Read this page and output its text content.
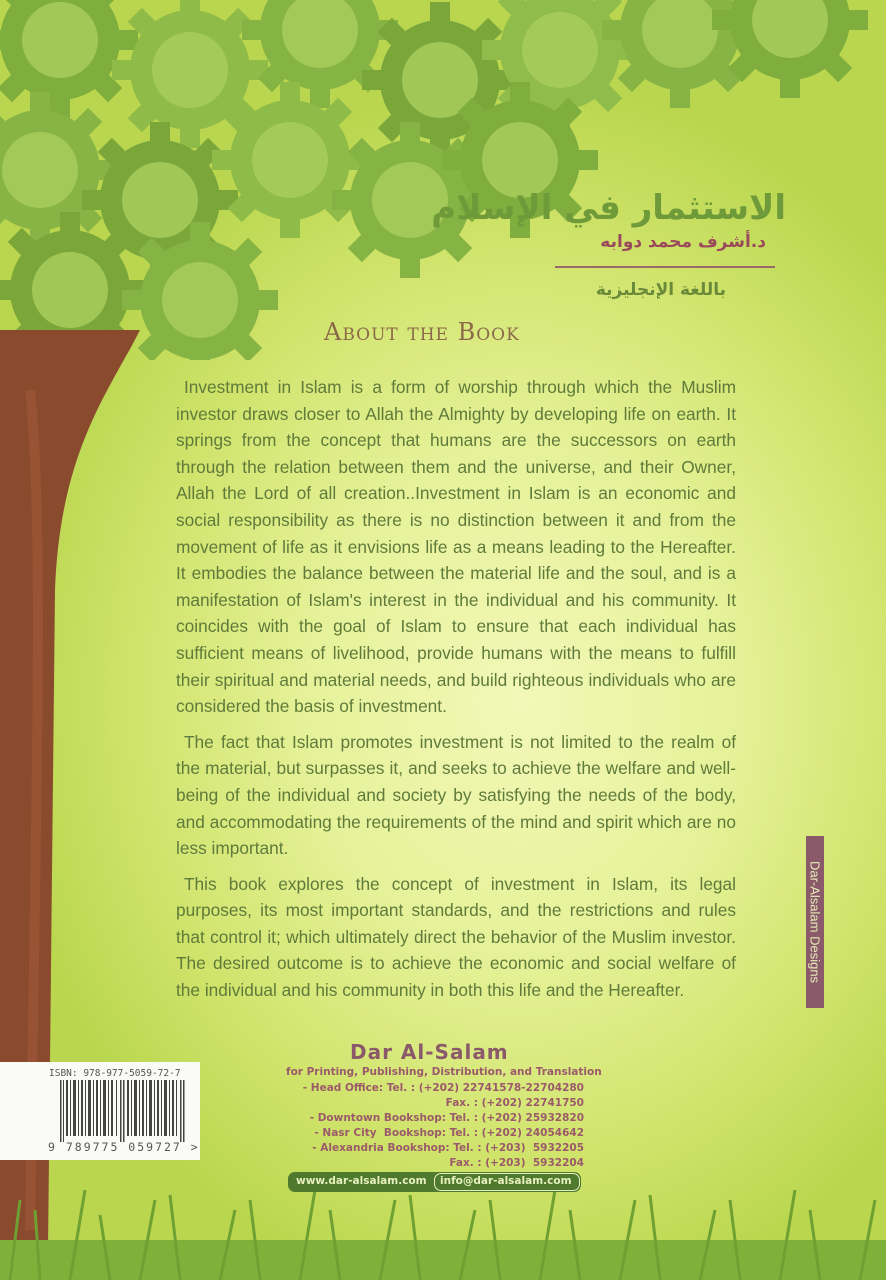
الاستثمار في الإسلام
د.أشرف محمد دوابه
باللغة الإنجليزية
About the Book

Investment in Islam is a form of worship through which the Muslim investor draws closer to Allah the Almighty by developing life on earth. It springs from the concept that humans are the successors on earth through the relation between them and the universe, and their Owner, Allah the Lord of all creation..Investment in Islam is an economic and social responsibility as there is no distinction between it and from the movement of life as it envisions life as a means leading to the Hereafter. It embodies the balance between the material life and the soul, and is a manifestation of Islam's interest in the individual and his community. It coincides with the goal of Islam to ensure that each individual has sufficient means of livelihood, provide humans with the means to fulfill their spiritual and material needs, and build righteous individuals who are considered the basis of investment.

The fact that Islam promotes investment is not limited to the realm of the material, but surpasses it, and seeks to achieve the welfare and well-being of the individual and society by satisfying the needs of the body, and accommodating the requirements of the mind and spirit which are no less important.

This book explores the concept of investment in Islam, its legal purposes, its most important standards, and the restrictions and rules that control it; which ultimately direct the behavior of the Muslim investor. The desired outcome is to achieve the economic and social welfare of the individual and his community in both this life and the Hereafter.

Dar-Alsalam Designs
ISBN: 978-977-5059-72-7
9 789775 059727 >
Dar Al-Salam
for Printing, Publishing, Distribution, and Translation
- Head Office: Tel. : (+202) 22741578-22704280
Fax. : (+202) 22741750
- Downtown Bookshop: Tel. : (+202) 25932820
- Nasr City  Bookshop: Tel. : (+202) 24054642
- Alexandria Bookshop: Tel. : (+203)  5932205
Fax. : (+203)  5932204
www.dar-alsalam.com info@dar-alsalam.com
